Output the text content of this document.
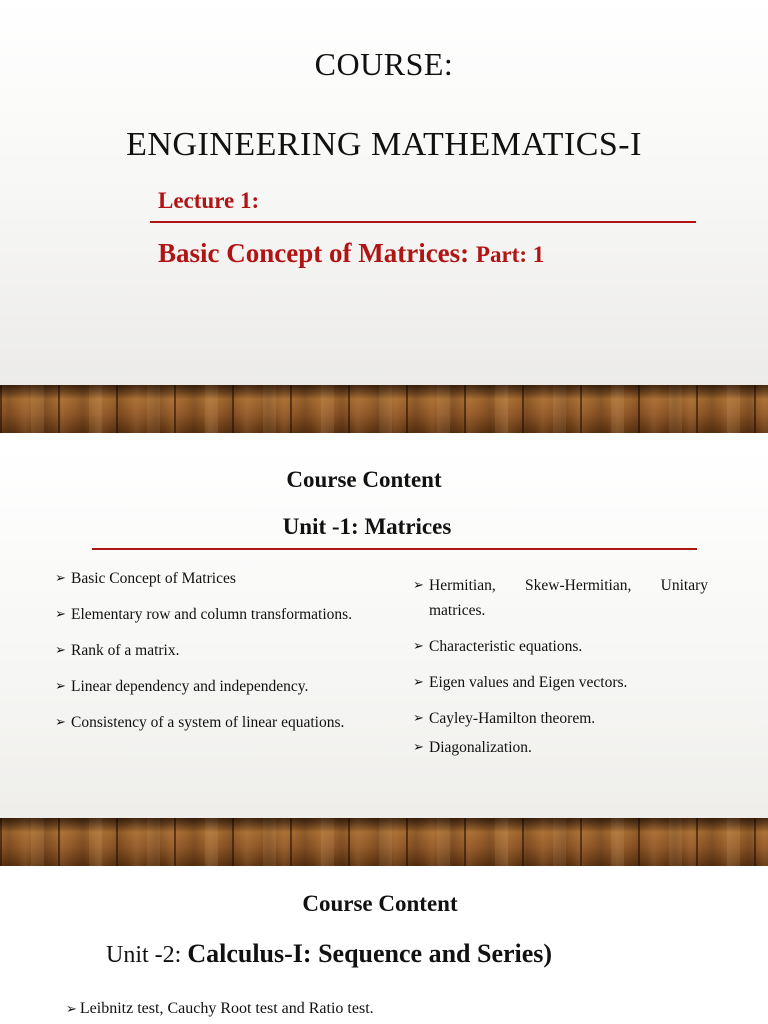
COURSE:
ENGINEERING MATHEMATICS-I
Lecture 1:
Basic Concept of Matrices: Part: 1
Course Content
Unit -1: Matrices
➢ Basic Concept of Matrices
➢ Elementary row and column transformations.
➢ Rank of a matrix.
➢ Linear dependency and independency.
➢ Consistency of a system of linear equations.
➢ Hermitian, Skew-Hermitian, Unitary matrices.
➢ Characteristic equations.
➢ Eigen values and Eigen vectors.
➢ Cayley-Hamilton theorem.
➢ Diagonalization.
Course Content
Unit -2: Calculus-I: Sequence and Series)
➢ Leibnitz test, Cauchy Root test and Ratio test.
